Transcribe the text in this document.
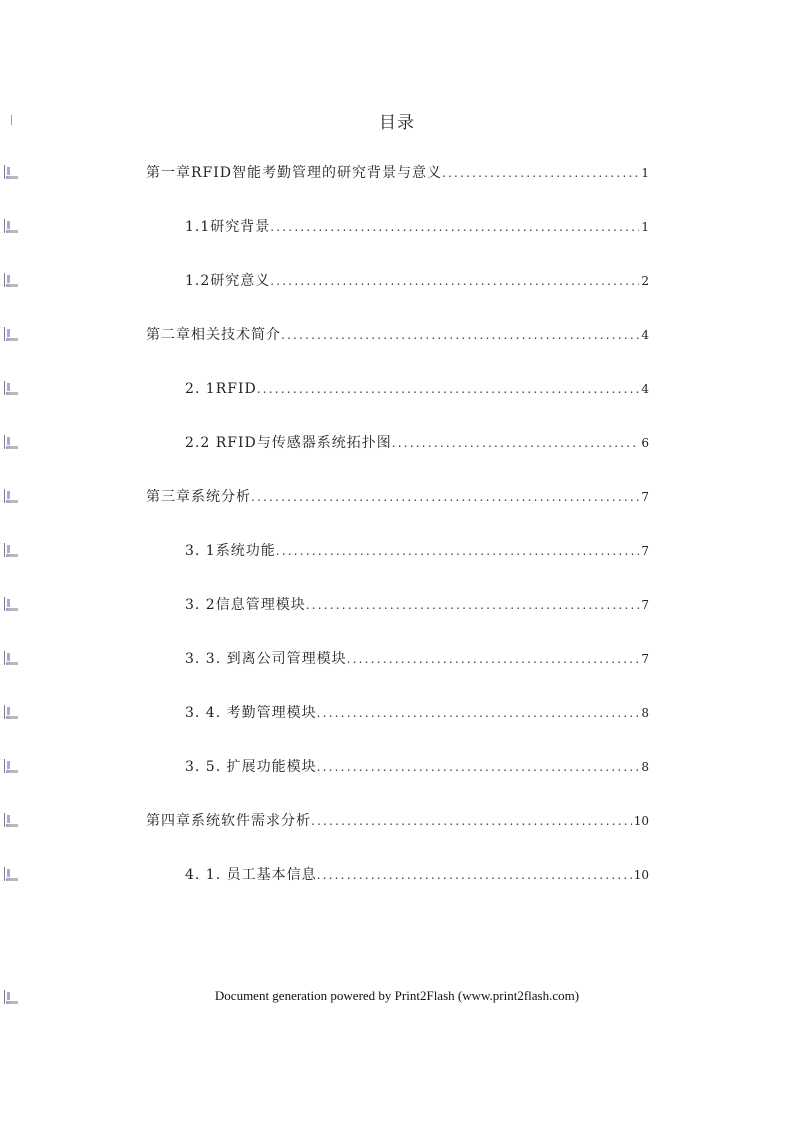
目录
第一章RFID智能考勤管理的研究背景与意义 .....	1
1.1研究背景 .....	1
1.2研究意义 .....	2
第二章相关技术简介 .....	4
2. 1RFID .....	4
2.2 RFID与传感器系统拓扑图 .....	6
第三章系统分析 .....	7
3. 1系统功能 .....	7
3. 2信息管理模块 .....	7
3. 3. 到离公司管理模块 .....	7
3. 4. 考勤管理模块 .....	8
3. 5. 扩展功能模块 .....	8
第四章系统软件需求分析 .....	10
4. 1. 员工基本信息 .....	10
Document generation powered by Print2Flash (www.print2flash.com)
